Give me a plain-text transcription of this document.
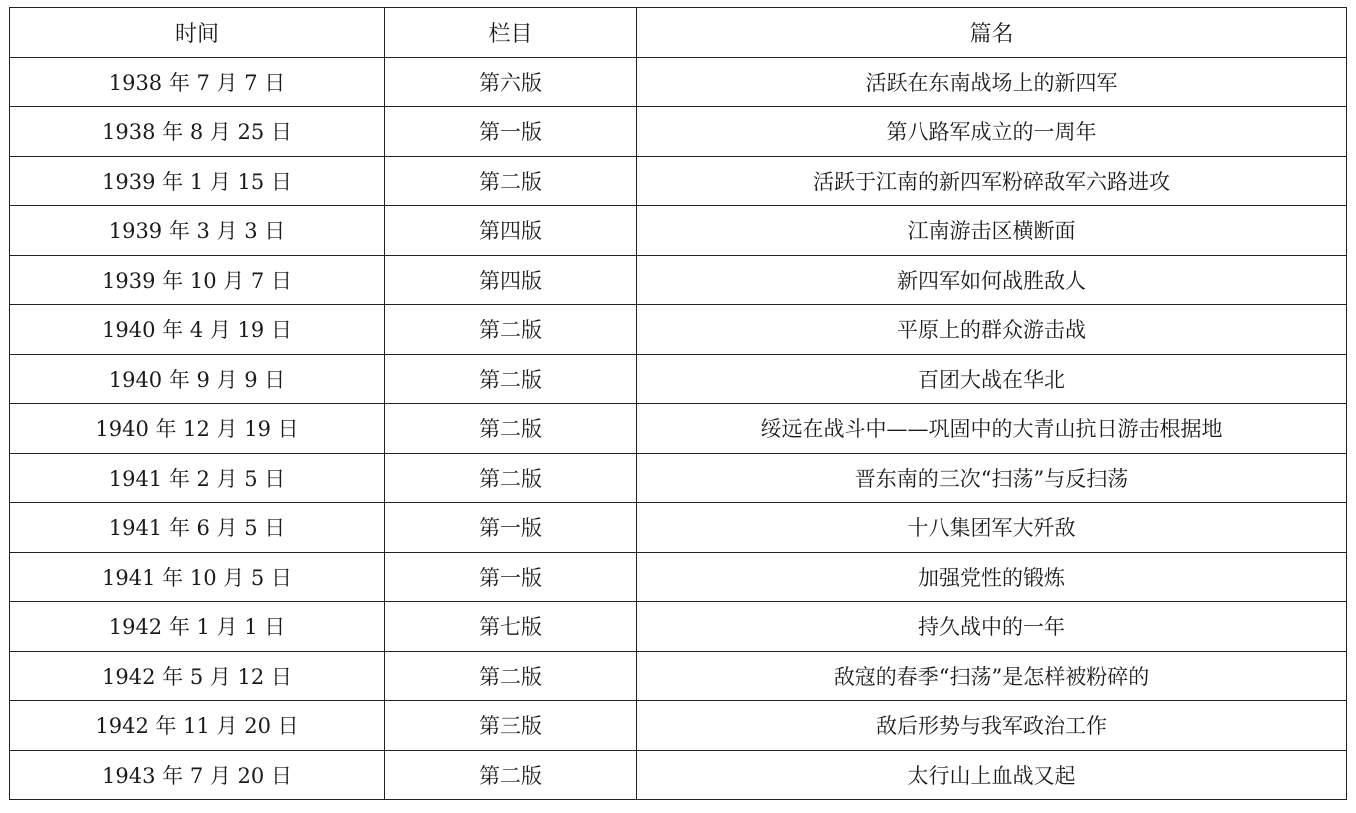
时间	栏目	篇名
1938 年 7 月 7 日	第六版	活跃在东南战场上的新四军
1938 年 8 月 25 日	第一版	第八路军成立的一周年
1939 年 1 月 15 日	第二版	活跃于江南的新四军粉碎敌军六路进攻
1939 年 3 月 3 日	第四版	江南游击区横断面
1939 年 10 月 7 日	第四版	新四军如何战胜敌人
1940 年 4 月 19 日	第二版	平原上的群众游击战
1940 年 9 月 9 日	第二版	百团大战在华北
1940 年 12 月 19 日	第二版	绥远在战斗中——巩固中的大青山抗日游击根据地
1941 年 2 月 5 日	第二版	晋东南的三次“扫荡”与反扫荡
1941 年 6 月 5 日	第一版	十八集团军大歼敌
1941 年 10 月 5 日	第一版	加强党性的锻炼
1942 年 1 月 1 日	第七版	持久战中的一年
1942 年 5 月 12 日	第二版	敌寇的春季“扫荡”是怎样被粉碎的
1942 年 11 月 20 日	第三版	敌后形势与我军政治工作
1943 年 7 月 20 日	第二版	太行山上血战又起
